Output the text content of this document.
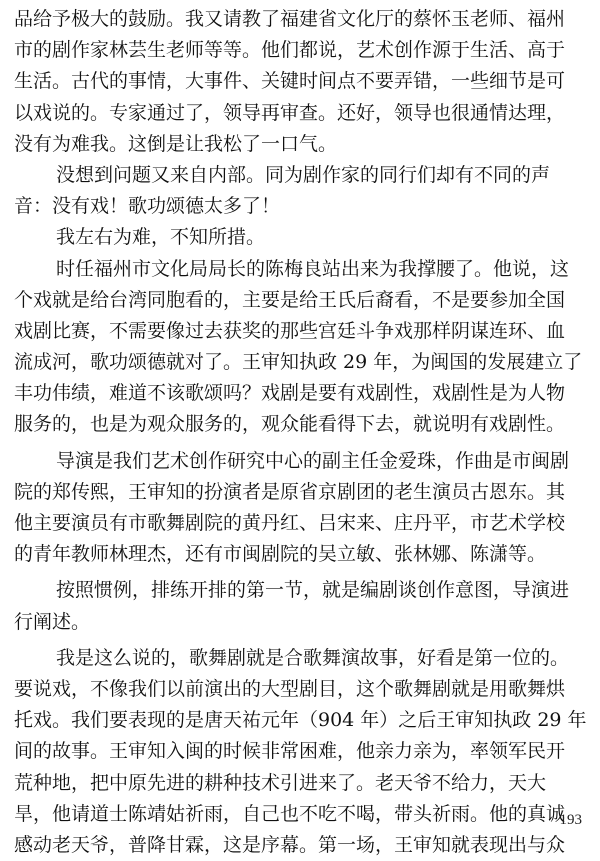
品给予极大的鼓励。我又请教了福建省文化厅的蔡怀玉老师、福州
市的剧作家林芸生老师等等。他们都说，艺术创作源于生活、高于
生活。古代的事情，大事件、关键时间点不要弄错，一些细节是可
以戏说的。专家通过了，领导再审查。还好，领导也很通情达理，
没有为难我。这倒是让我松了一口气。
没想到问题又来自内部。同为剧作家的同行们却有不同的声
音：没有戏！歌功颂德太多了！
我左右为难，不知所措。
时任福州市文化局局长的陈梅良站出来为我撑腰了。他说，这
个戏就是给台湾同胞看的，主要是给王氏后裔看，不是要参加全国
戏剧比赛，不需要像过去获奖的那些宫廷斗争戏那样阴谋连环、血
流成河，歌功颂德就对了。王审知执政 29 年，为闽国的发展建立了
丰功伟绩，难道不该歌颂吗？戏剧是要有戏剧性，戏剧性是为人物
服务的，也是为观众服务的，观众能看得下去，就说明有戏剧性。
导演是我们艺术创作研究中心的副主任金爱珠，作曲是市闽剧
院的郑传熙，王审知的扮演者是原省京剧团的老生演员古恩东。其
他主要演员有市歌舞剧院的黄丹红、吕宋来、庄丹平，市艺术学校
的青年教师林理杰，还有市闽剧院的吴立敏、张林娜、陈潇等。
按照惯例，排练开排的第一节，就是编剧谈创作意图，导演进
行阐述。
我是这么说的，歌舞剧就是合歌舞演故事，好看是第一位的。
要说戏，不像我们以前演出的大型剧目，这个歌舞剧就是用歌舞烘
托戏。我们要表现的是唐天祐元年（904 年）之后王审知执政 29 年
间的故事。王审知入闽的时候非常困难，他亲力亲为，率领军民开
荒种地，把中原先进的耕种技术引进来了。老天爷不给力，天大
旱，他请道士陈靖姑祈雨，自己也不吃不喝，带头祈雨。他的真诚
感动老天爷，普降甘霖，这是序幕。第一场，王审知就表现出与众
193
